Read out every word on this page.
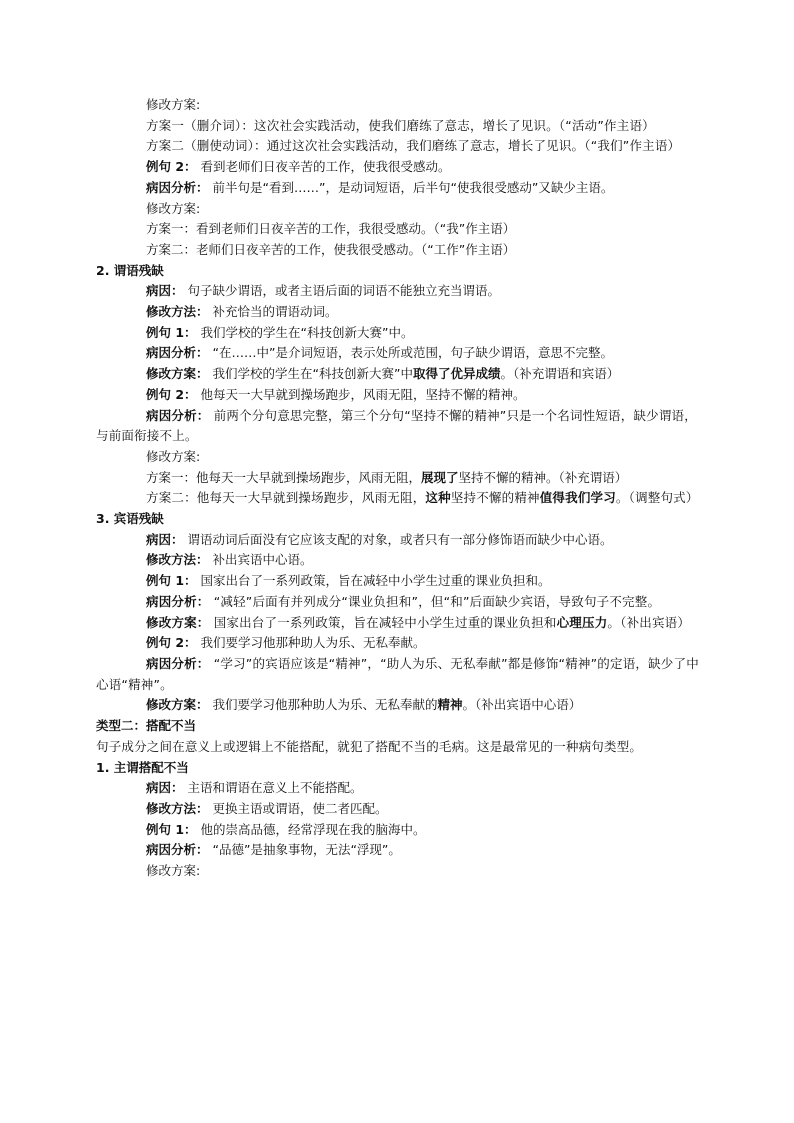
修改方案:
方案一（删介词）：这次社会实践活动，使我们磨练了意志，增长了见识。（“活动”作主语）
方案二（删使动词）：通过这次社会实践活动，我们磨练了意志，增长了见识。（“我们”作主语）
例句 2： 看到老师们日夜辛苦的工作，使我很受感动。
病因分析： 前半句是“看到……”，是动词短语，后半句“使我很受感动”又缺少主语。
修改方案:
方案一：看到老师们日夜辛苦的工作，我很受感动。（“我”作主语）
方案二：老师们日夜辛苦的工作，使我很受感动。（“工作”作主语）
2. 谓语残缺
病因： 句子缺少谓语，或者主语后面的词语不能独立充当谓语。
修改方法： 补充恰当的谓语动词。
例句 1： 我们学校的学生在“科技创新大赛”中。
病因分析： “在……中”是介词短语，表示处所或范围，句子缺少谓语，意思不完整。
修改方案： 我们学校的学生在“科技创新大赛”中取得了优异成绩。（补充谓语和宾语）
例句 2： 他每天一大早就到操场跑步，风雨无阻，坚持不懈的精神。
病因分析： 前两个分句意思完整，第三个分句“坚持不懈的精神”只是一个名词性短语，缺少谓语，与前面衔接不上。
修改方案:
方案一：他每天一大早就到操场跑步，风雨无阻，展现了坚持不懈的精神。（补充谓语）
方案二：他每天一大早就到操场跑步，风雨无阻，这种坚持不懈的精神值得我们学习。（调整句式）
3. 宾语残缺
病因： 谓语动词后面没有它应该支配的对象，或者只有一部分修饰语而缺少中心语。
修改方法： 补出宾语中心语。
例句 1： 国家出台了一系列政策，旨在减轻中小学生过重的课业负担和。
病因分析： “减轻”后面有并列成分“课业负担和”，但“和”后面缺少宾语，导致句子不完整。
修改方案： 国家出台了一系列政策，旨在减轻中小学生过重的课业负担和心理压力。（补出宾语）
例句 2： 我们要学习他那种助人为乐、无私奉献。
病因分析： “学习”的宾语应该是“精神”，“助人为乐、无私奉献”都是修饰“精神”的定语，缺少了中心语“精神”。
修改方案： 我们要学习他那种助人为乐、无私奉献的精神。（补出宾语中心语）
类型二：搭配不当
句子成分之间在意义上或逻辑上不能搭配，就犯了搭配不当的毛病。这是最常见的一种病句类型。
1. 主谓搭配不当
病因： 主语和谓语在意义上不能搭配。
修改方法： 更换主语或谓语，使二者匹配。
例句 1： 他的崇高品德，经常浮现在我的脑海中。
病因分析： “品德”是抽象事物，无法“浮现”。
修改方案:
